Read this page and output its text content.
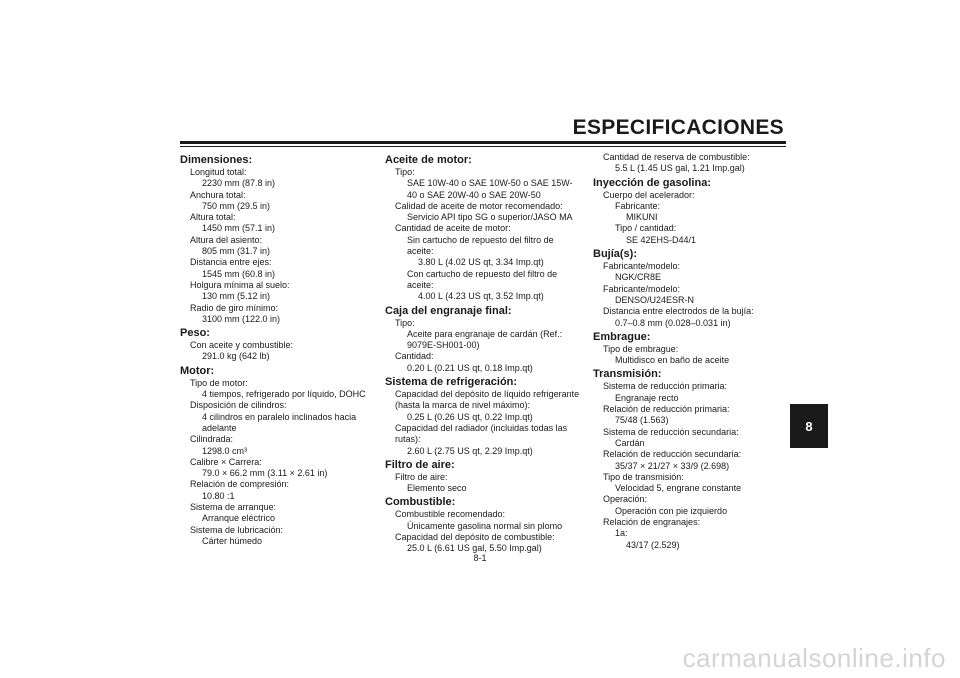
ESPECIFICACIONES
Dimensiones:
Longitud total:
2230 mm (87.8 in)
Anchura total:
750 mm (29.5 in)
Altura total:
1450 mm (57.1 in)
Altura del asiento:
805 mm (31.7 in)
Distancia entre ejes:
1545 mm (60.8 in)
Holgura mínima al suelo:
130 mm (5.12 in)
Radio de giro mínimo:
3100 mm (122.0 in)
Peso:
Con aceite y combustible:
291.0 kg (642 lb)
Motor:
Tipo de motor:
4 tiempos, refrigerado por líquido, DOHC
Disposición de cilindros:
4 cilindros en paralelo inclinados hacia
adelante
Cilindrada:
1298.0 cm³
Calibre × Carrera:
79.0 × 66.2 mm (3.11 × 2.61 in)
Relación de compresión:
10.80 :1
Sistema de arranque:
Arranque eléctrico
Sistema de lubricación:
Cárter húmedo
Aceite de motor:
Tipo:
SAE 10W-40 o SAE 10W-50 o SAE 15W-
40 o SAE 20W-40 o SAE 20W-50
Calidad de aceite de motor recomendado:
Servicio API tipo SG o superior/JASO MA
Cantidad de aceite de motor:
Sin cartucho de repuesto del filtro de
aceite:
3.80 L (4.02 US qt, 3.34 Imp.qt)
Con cartucho de repuesto del filtro de
aceite:
4.00 L (4.23 US qt, 3.52 Imp.qt)
Caja del engranaje final:
Tipo:
Aceite para engranaje de cardán (Ref.:
9079E-SH001-00)
Cantidad:
0.20 L (0.21 US qt, 0.18 Imp.qt)
Sistema de refrigeración:
Capacidad del depósito de líquido refrigerante
(hasta la marca de nivel máximo):
0.25 L (0.26 US qt, 0.22 Imp.qt)
Capacidad del radiador (incluidas todas las
rutas):
2.60 L (2.75 US qt, 2.29 Imp.qt)
Filtro de aire:
Filtro de aire:
Elemento seco
Combustible:
Combustible recomendado:
Únicamente gasolina normal sin plomo
Capacidad del depósito de combustible:
25.0 L (6.61 US gal, 5.50 Imp.gal)
Cantidad de reserva de combustible:
5.5 L (1.45 US gal, 1.21 Imp.gal)
Inyección de gasolina:
Cuerpo del acelerador:
Fabricante:
MIKUNI
Tipo / cantidad:
SE 42EHS-D44/1
Bujía(s):
Fabricante/modelo:
NGK/CR8E
Fabricante/modelo:
DENSO/U24ESR-N
Distancia entre electrodos de la bujía:
0.7–0.8 mm (0.028–0.031 in)
Embrague:
Tipo de embrague:
Multidisco en baño de aceite
Transmisión:
Sistema de reducción primaria:
Engranaje recto
Relación de reducción primaria:
75/48 (1.563)
Sistema de reducción secundaria:
Cardán
Relación de reducción secundaria:
35/37 × 21/27 × 33/9 (2.698)
Tipo de transmisión:
Velocidad 5, engrane constante
Operación:
Operación con pie izquierdo
Relación de engranajes:
1a:
43/17 (2.529)
8
8-1
carmanualsonline.info
